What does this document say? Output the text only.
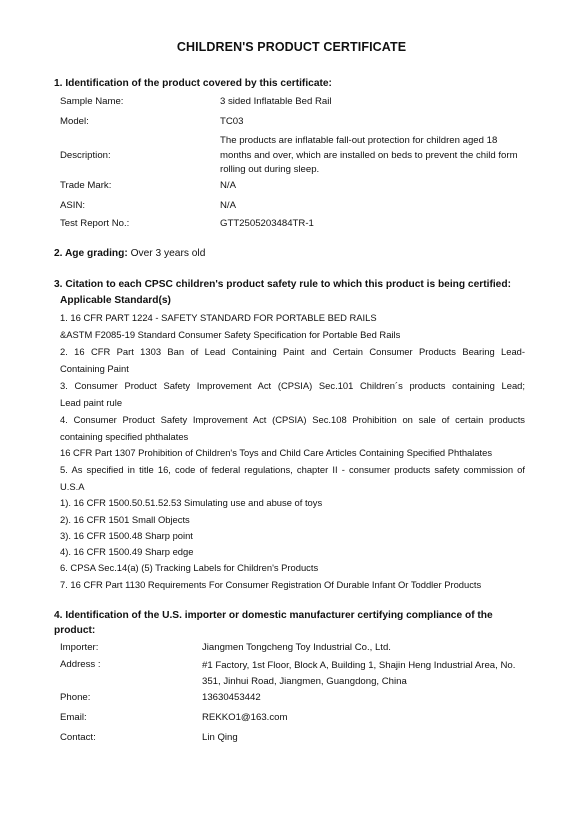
CHILDREN'S PRODUCT CERTIFICATE
1. Identification of the product covered by this certificate:
Sample Name:	3 sided Inflatable Bed Rail
Model:	TC03
Description:
The products are inflatable fall-out protection for children aged 18 months and over, which are installed on beds to prevent the child form rolling out during sleep.
Trade Mark:	N/A
ASIN:	N/A
Test Report No.:	GTT2505203484TR-1
2. Age grading: Over 3 years old
3. Citation to each CPSC children's product safety rule to which this product is being certified:
Applicable Standard(s)
1. 16 CFR PART 1224 - SAFETY STANDARD FOR PORTABLE BED RAILS
&ASTM F2085-19 Standard Consumer Safety Specification for Portable Bed Rails
2. 16 CFR Part 1303 Ban of Lead Containing Paint and Certain Consumer Products Bearing Lead-
Containing Paint
3. Consumer Product Safety Improvement Act (CPSIA) Sec.101 Children´s products containing Lead;
Lead paint rule
4. Consumer Product Safety Improvement Act (CPSIA) Sec.108 Prohibition on sale of certain products
containing specified phthalates
16 CFR Part 1307 Prohibition of Children's Toys and Child Care Articles Containing Specified Phthalates
5. As specified in title 16, code of federal regulations, chapter II - consumer products safety commission of
U.S.A
1). 16 CFR 1500.50.51.52.53 Simulating use and abuse of toys
2). 16 CFR 1501 Small Objects
3). 16 CFR 1500.48 Sharp point
4). 16 CFR 1500.49 Sharp edge
6. CPSA Sec.14(a) (5) Tracking Labels for Children's Products
7. 16 CFR Part 1130 Requirements For Consumer Registration Of Durable Infant Or Toddler Products
4. Identification of the U.S. importer or domestic manufacturer certifying compliance of the product:
Importer:	Jiangmen Tongcheng Toy Industrial Co., Ltd.
Address :	#1 Factory, 1st Floor, Block A, Building 1, Shajin Heng Industrial Area, No. 351, Jinhui Road, Jiangmen, Guangdong, China
Phone:	13630453442
Email:	REKKO1@163.com
Contact:	Lin Qing
